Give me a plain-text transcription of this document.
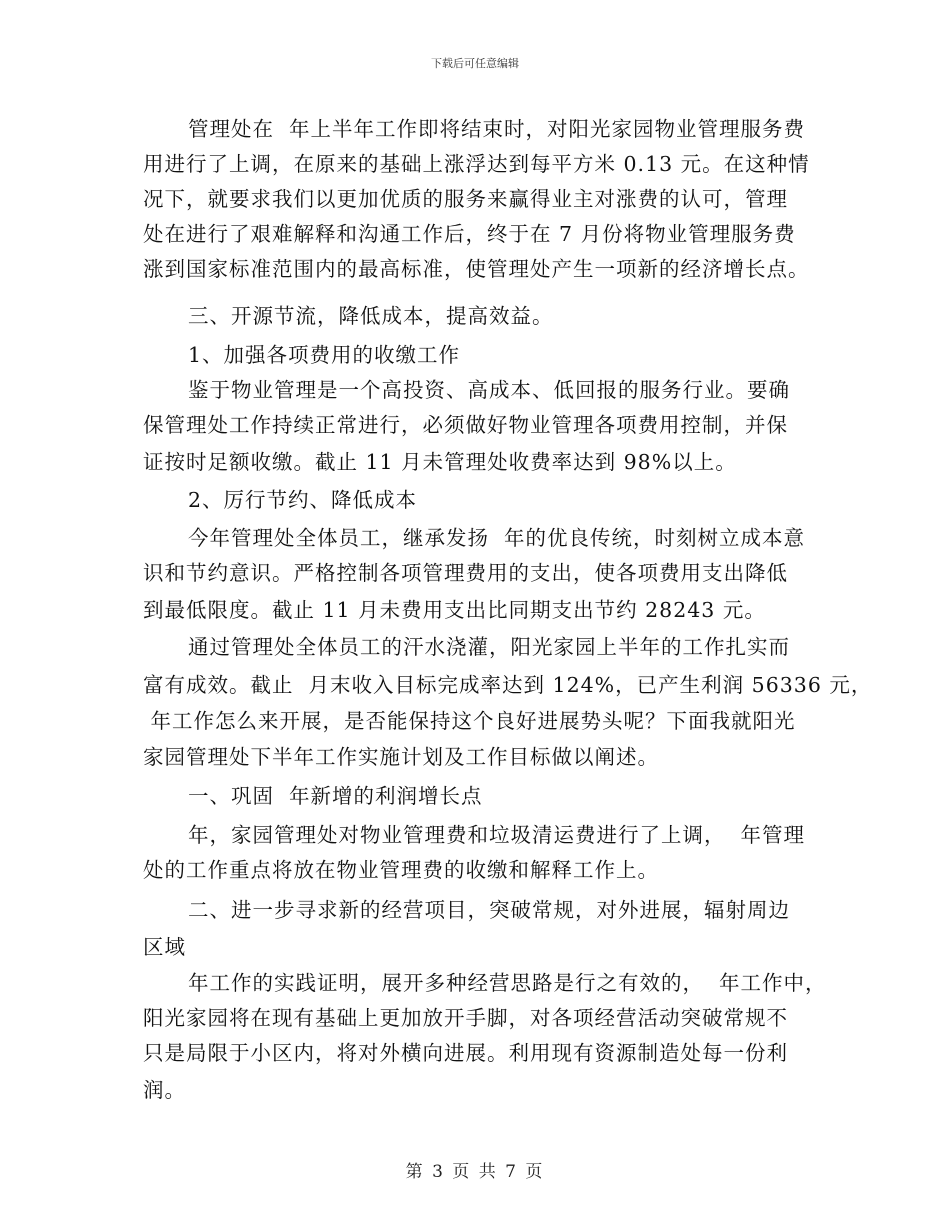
下载后可任意编辑
管理处在  年上半年工作即将结束时，对阳光家园物业管理服务费
用进行了上调，在原来的基础上涨浮达到每平方米 0.13 元。在这种情
况下，就要求我们以更加优质的服务来赢得业主对涨费的认可，管理
处在进行了艰难解释和沟通工作后，终于在 7 月份将物业管理服务费
涨到国家标准范围内的最高标准，使管理处产生一项新的经济增长点。
三、开源节流，降低成本，提高效益。
1、加强各项费用的收缴工作
鉴于物业管理是一个高投资、高成本、低回报的服务行业。要确
保管理处工作持续正常进行，必须做好物业管理各项费用控制，并保
证按时足额收缴。截止 11 月未管理处收费率达到 98%以上。
2、厉行节约、降低成本
今年管理处全体员工，继承发扬  年的优良传统，时刻树立成本意
识和节约意识。严格控制各项管理费用的支出，使各项费用支出降低
到最低限度。截止 11 月未费用支出比同期支出节约 28243 元。
通过管理处全体员工的汗水浇灌，阳光家园上半年的工作扎实而
富有成效。截止  月末收入目标完成率达到 124%，已产生利润 56336 元，
年工作怎么来开展，是否能保持这个良好进展势头呢？下面我就阳光
家园管理处下半年工作实施计划及工作目标做以阐述。
一、巩固  年新增的利润增长点
年，家园管理处对物业管理费和垃圾清运费进行了上调，  年管理
处的工作重点将放在物业管理费的收缴和解释工作上。
二、进一步寻求新的经营项目，突破常规，对外进展，辐射周边
区域
年工作的实践证明，展开多种经营思路是行之有效的，  年工作中，
阳光家园将在现有基础上更加放开手脚，对各项经营活动突破常规不
只是局限于小区内，将对外横向进展。利用现有资源制造处每一份利
润。
第 3 页 共 7 页
